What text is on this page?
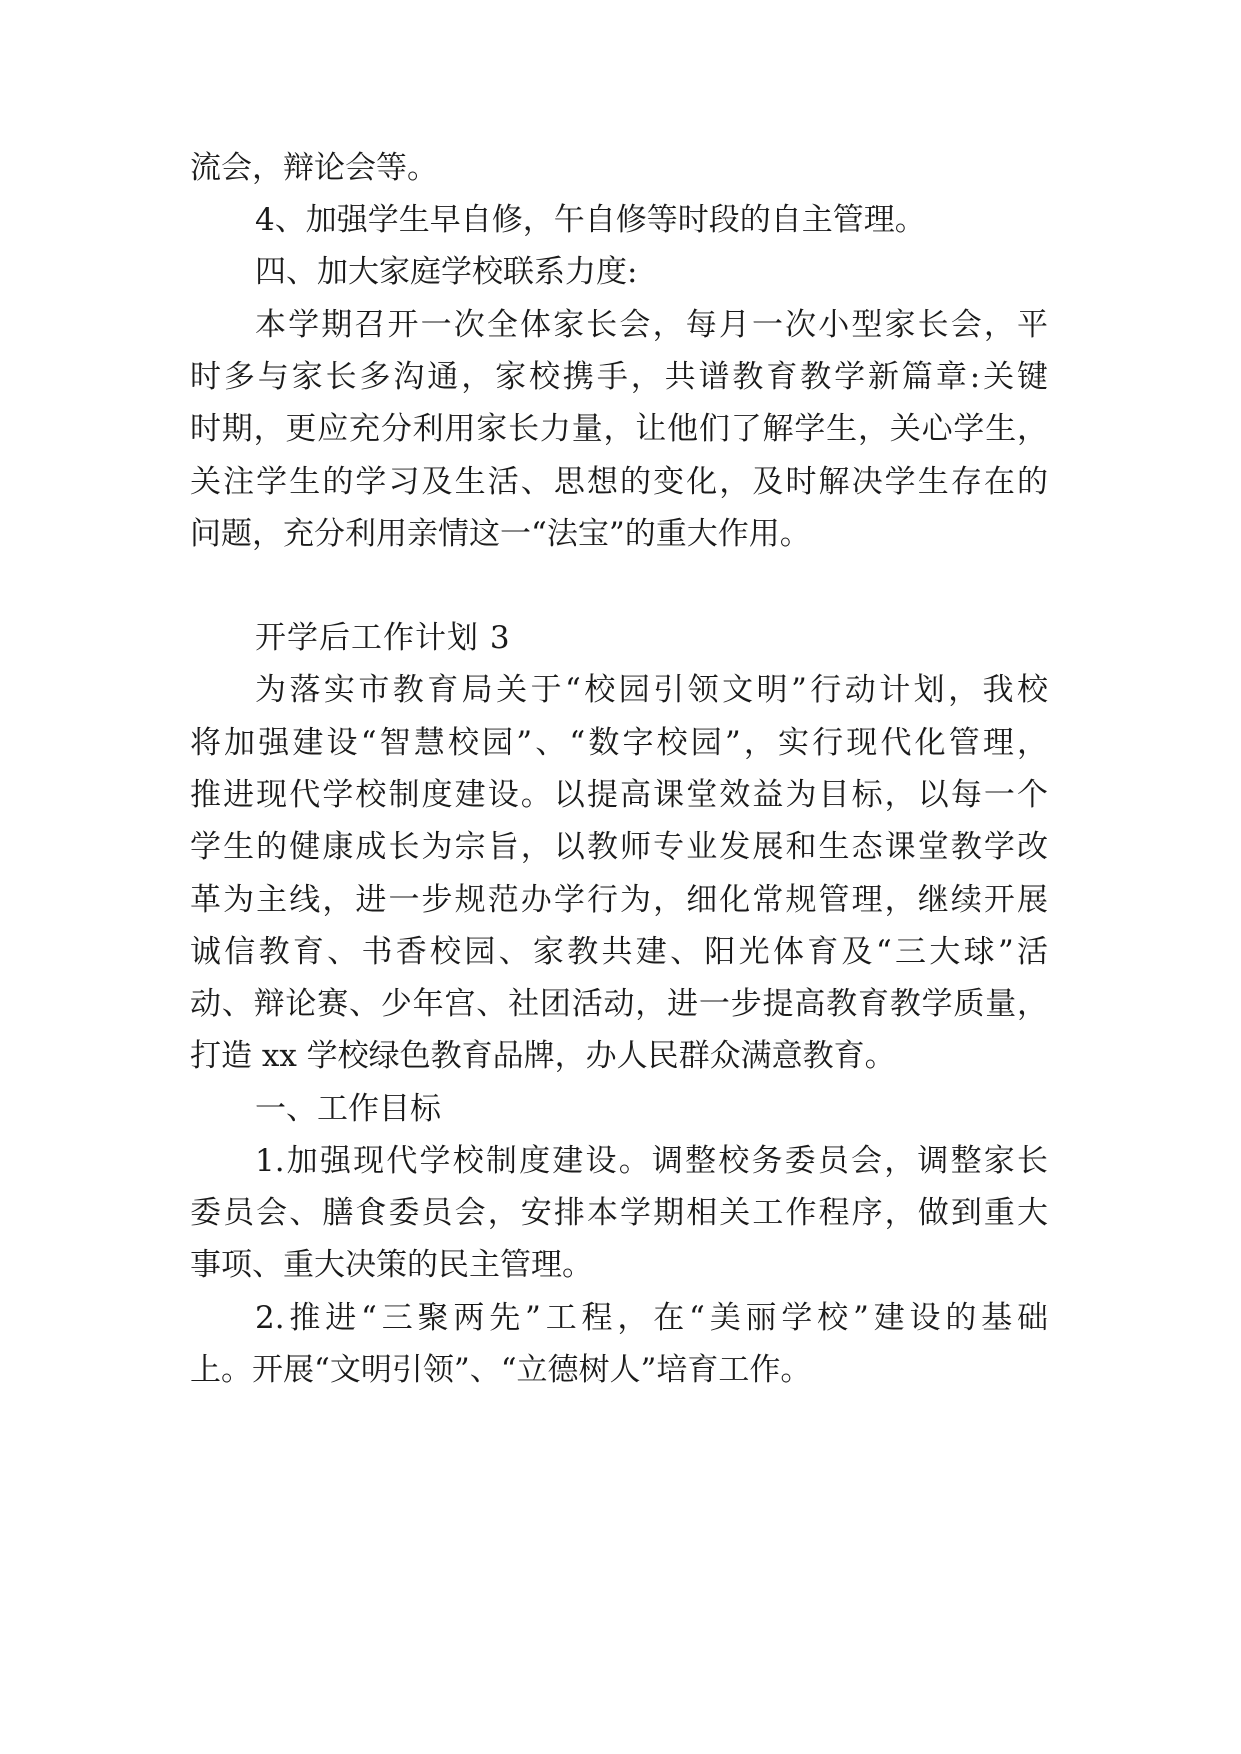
流会，辩论会等。
4、加强学生早自修，午自修等时段的自主管理。
四、加大家庭学校联系力度:
本学期召开一次全体家长会，每月一次小型家长会，平
时多与家长多沟通，家校携手，共谱教育教学新篇章:关键
时期，更应充分利用家长力量，让他们了解学生，关心学生，
关注学生的学习及生活、思想的变化，及时解决学生存在的
问题，充分利用亲情这一“法宝”的重大作用。
开学后工作计划 3
为落实市教育局关于“校园引领文明”行动计划，我校
将加强建设“智慧校园”、“数字校园”，实行现代化管理，
推进现代学校制度建设。以提高课堂效益为目标，以每一个
学生的健康成长为宗旨，以教师专业发展和生态课堂教学改
革为主线，进一步规范办学行为，细化常规管理，继续开展
诚信教育、书香校园、家教共建、阳光体育及“三大球”活
动、辩论赛、少年宫、社团活动，进一步提高教育教学质量，
打造 xx 学校绿色教育品牌，办人民群众满意教育。
一、工作目标
1.加强现代学校制度建设。调整校务委员会，调整家长
委员会、膳食委员会，安排本学期相关工作程序，做到重大
事项、重大决策的民主管理。
2.推进“三聚两先”工程，在“美丽学校”建设的基础
上。开展“文明引领”、“立德树人”培育工作。
